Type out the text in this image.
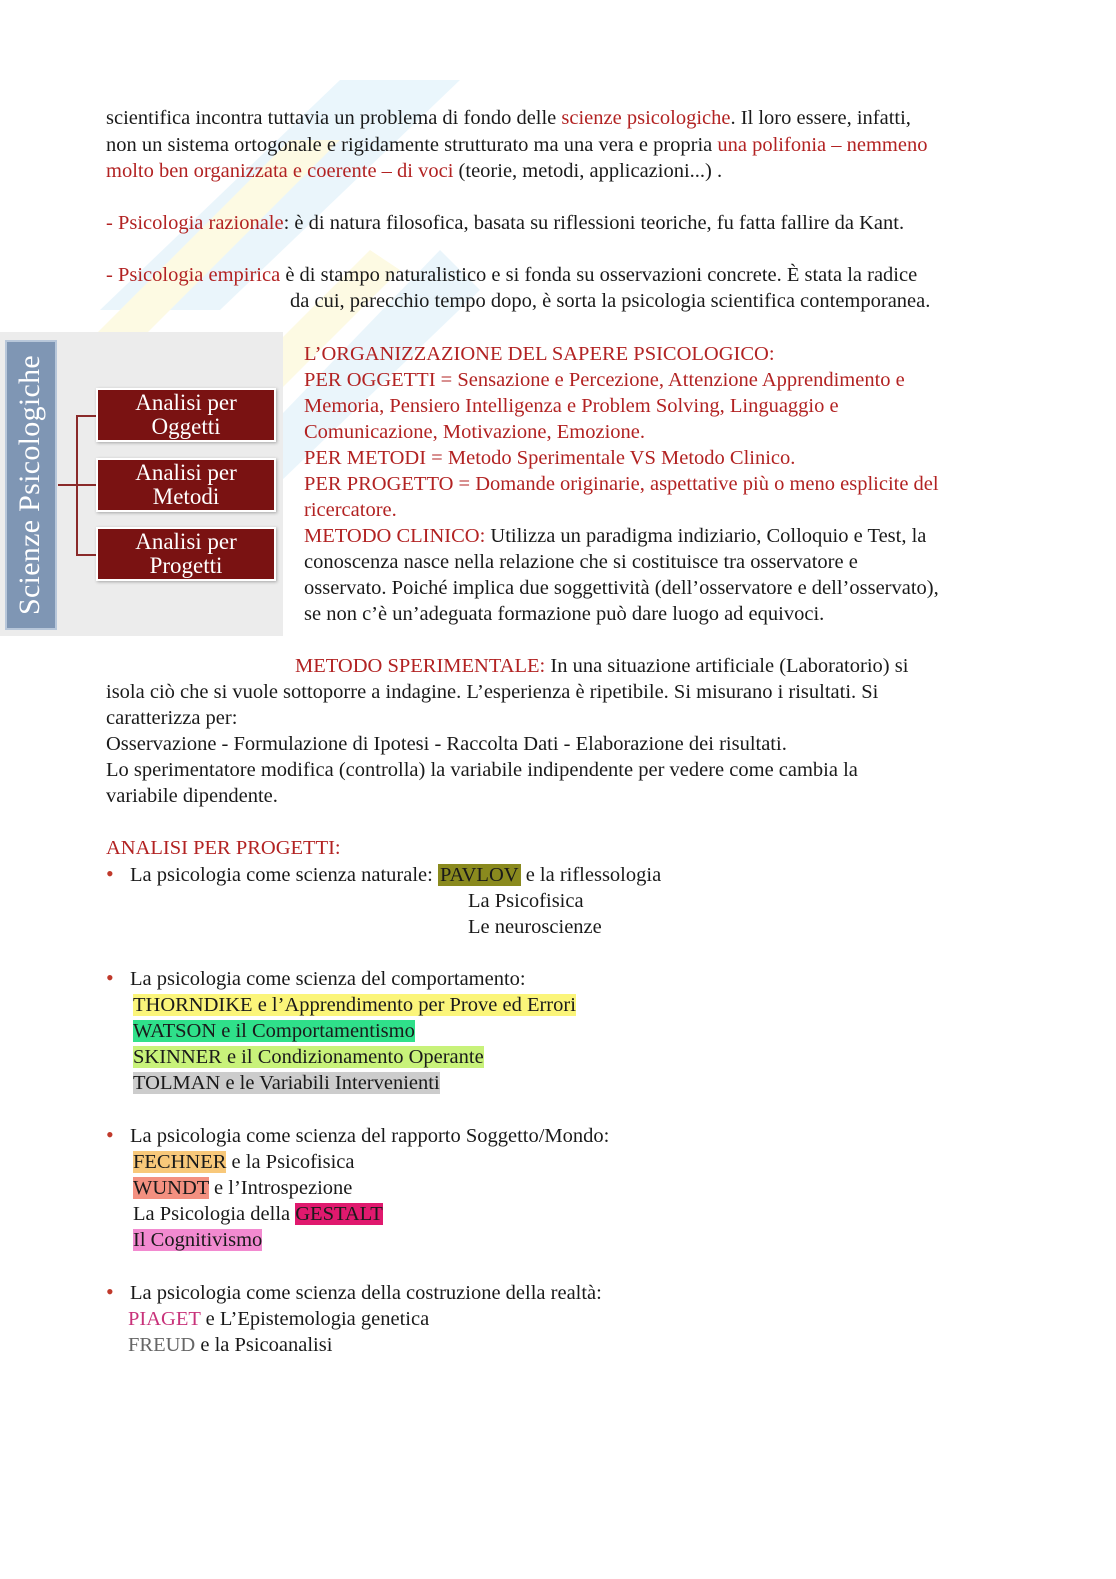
scientifica incontra tuttavia un problema di fondo delle scienze psicologiche. Il loro essere, infatti,
non un sistema ortogonale e rigidamente strutturato ma una vera e propria una polifonia – nemmeno
molto ben organizzata e coerente – di voci (teorie, metodi, applicazioni...) .
- Psicologia razionale: è di natura filosofica, basata su riflessioni teoriche, fu fatta fallire da Kant.
- Psicologia empirica è di stampo naturalistico e si fonda su osservazioni concrete. È stata la radice
da cui, parecchio tempo dopo, è sorta la psicologia scientifica contemporanea.
Scienze Psicologiche	Analisi per
Oggetti
Analisi per
Metodi
Analisi per
Progetti
L’ORGANIZZAZIONE DEL SAPERE PSICOLOGICO:
PER OGGETTI = Sensazione e Percezione, Attenzione Apprendimento e
Memoria, Pensiero Intelligenza e Problem Solving, Linguaggio e
Comunicazione, Motivazione, Emozione.
PER METODI = Metodo Sperimentale VS Metodo Clinico.
PER PROGETTO = Domande originarie, aspettative più o meno esplicite del
ricercatore.
METODO CLINICO: Utilizza un paradigma indiziario, Colloquio e Test, la
conoscenza nasce nella relazione che si costituisce tra osservatore e
osservato. Poiché implica due soggettività (dell’osservatore e dell’osservato),
se non c’è un’adeguata formazione può dare luogo ad equivoci.
METODO SPERIMENTALE: In una situazione artificiale (Laboratorio) si
isola ciò che si vuole sottoporre a indagine. L’esperienza è ripetibile. Si misurano i risultati. Si
caratterizza per:
Osservazione - Formulazione di Ipotesi - Raccolta Dati - Elaborazione dei risultati.
Lo sperimentatore modifica (controlla) la variabile indipendente per vedere come cambia la
variabile dipendente.
ANALISI PER PROGETTI:
• La psicologia come scienza naturale: PAVLOV e la riflessologia
La Psicofisica
Le neuroscienze
• La psicologia come scienza del comportamento:
THORNDIKE e l’Apprendimento per Prove ed Errori
WATSON e il Comportamentismo
SKINNER e il Condizionamento Operante
TOLMAN e le Variabili Intervenienti
• La psicologia come scienza del rapporto Soggetto/Mondo:
FECHNER e la Psicofisica
WUNDT e l’Introspezione
La Psicologia della GESTALT
Il Cognitivismo
• La psicologia come scienza della costruzione della realtà:
PIAGET e L’Epistemologia genetica
FREUD e la Psicoanalisi
